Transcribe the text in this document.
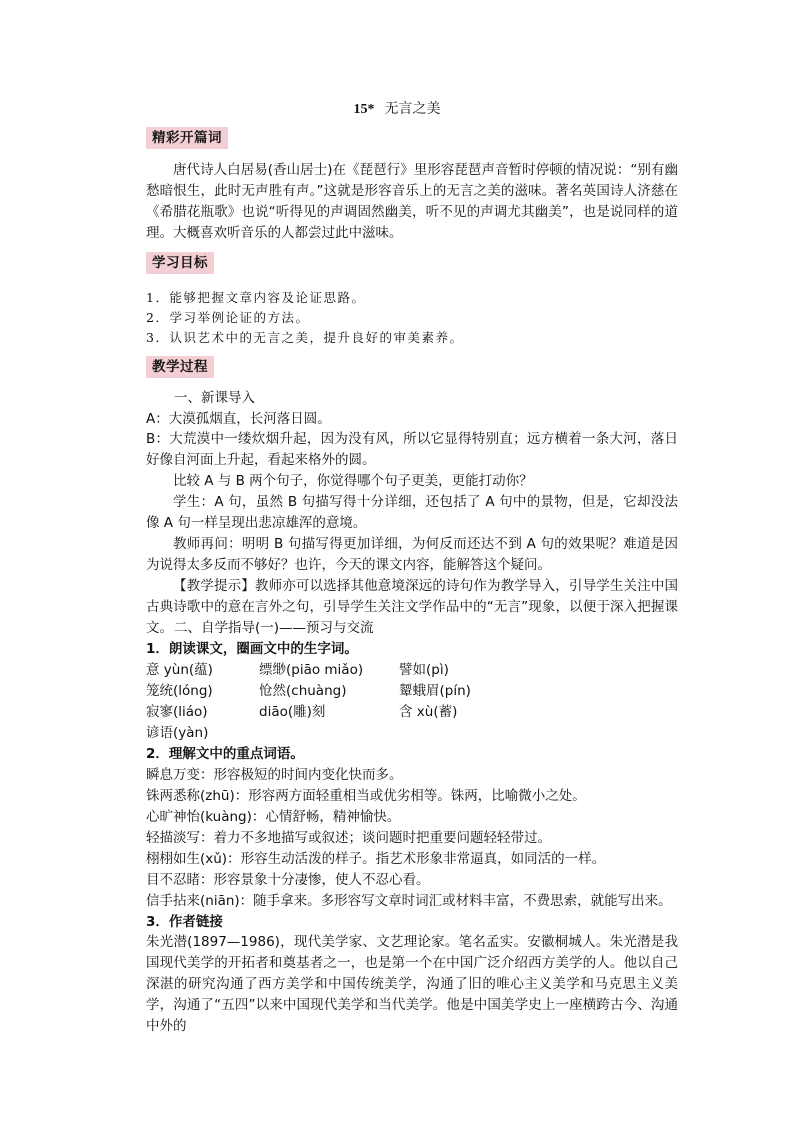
15* 无言之美
精彩开篇词

唐代诗人白居易(香山居士)在《琵琶行》里形容琵琶声音暂时停顿的情况说：“别有幽愁暗恨生，此时无声胜有声。”这就是形容音乐上的无言之美的滋味。著名英国诗人济慈在《希腊花瓶歌》也说“听得见的声调固然幽美，听不见的声调尤其幽美”，也是说同样的道理。大概喜欢听音乐的人都尝过此中滋味。

学习目标
1．能够把握文章内容及论证思路。
2．学习举例论证的方法。
3．认识艺术中的无言之美，提升良好的审美素养。
教学过程
一、新课导入
A：大漠孤烟直，长河落日圆。

B：大荒漠中一缕炊烟升起，因为没有风，所以它显得特别直；远方横着一条大河，落日好像自河面上升起，看起来格外的圆。

比较 A 与 B 两个句子，你觉得哪个句子更美，更能打动你？

学生：A 句，虽然 B 句描写得十分详细，还包括了 A 句中的景物，但是，它却没法像 A 句一样呈现出悲凉雄浑的意境。

教师再问：明明 B 句描写得更加详细，为何反而还达不到 A 句的效果呢？难道是因为说得太多反而不够好？也许，今天的课文内容，能解答这个疑问。

【教学提示】教师亦可以选择其他意境深远的诗句作为教学导入，引导学生关注中国古典诗歌中的意在言外之句，引导学生关注文学作品中的“无言”现象，以便于深入把握课文。 二、自学指导(一)——预习与交流
1．朗读课文，圈画文中的生字词。
意 yùn(蕴)	缥缈(piāo miǎo)	譬如(pì)
笼统(lóng)	怆然(chuàng)	颦蛾眉(pín)
寂寥(liáo)	diāo(雕)刻	含 xù(蓄)
谚语(yàn)
2．理解文中的重点词语。
瞬息万变：形容极短的时间内变化快而多。
铢两悉称(zhū)：形容两方面轻重相当或优劣相等。铢两，比喻微小之处。
心旷神怡(kuàng)：心情舒畅，精神愉快。
轻描淡写：着力不多地描写或叙述；谈问题时把重要问题轻轻带过。
栩栩如生(xǔ)：形容生动活泼的样子。指艺术形象非常逼真，如同活的一样。
目不忍睹：形容景象十分凄惨，使人不忍心看。
信手拈来(niān)：随手拿来。多形容写文章时词汇或材料丰富，不费思索，就能写出来。
3．作者链接

朱光潜(1897—1986)，现代美学家、文艺理论家。笔名孟实。安徽桐城人。朱光潜是我国现代美学的开拓者和奠基者之一，也是第一个在中国广泛介绍西方美学的人。他以自己深湛的研究沟通了西方美学和中国传统美学，沟通了旧的唯心主义美学和马克思主义美学，沟通了“五四”以来中国现代美学和当代美学。他是中国美学史上一座横跨古今、沟通中外的
